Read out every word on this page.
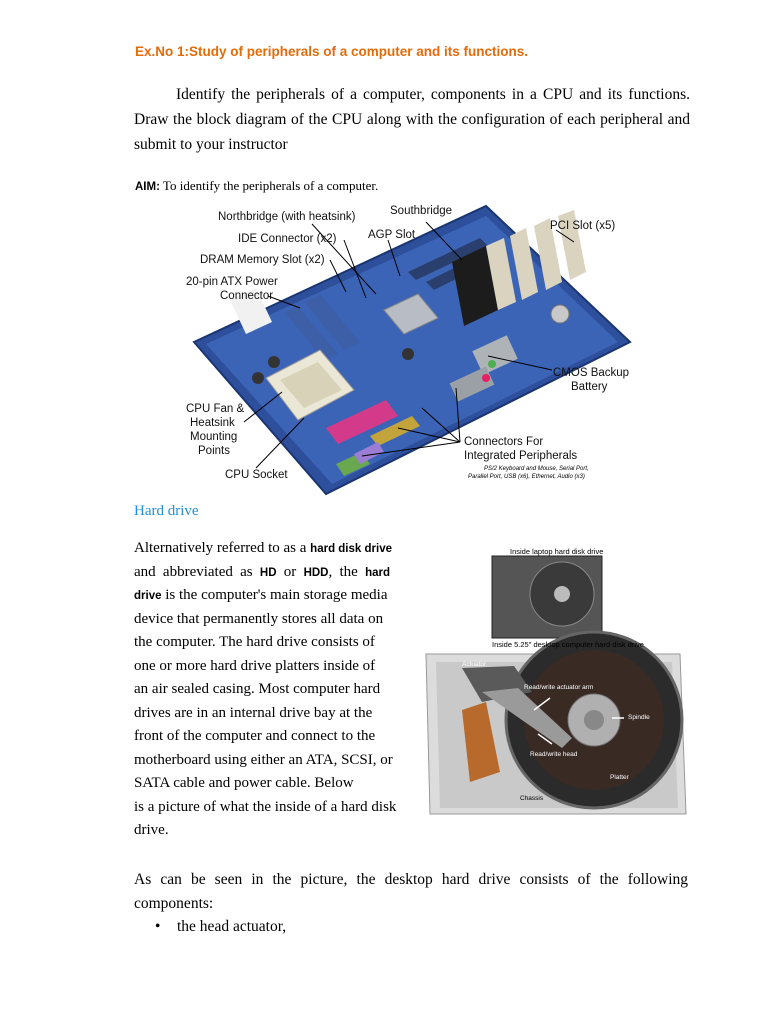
Ex.No 1:Study of peripherals of a computer and its functions.
Identify the peripherals of a computer, components in a CPU and its functions. Draw the block diagram of the CPU along with the configuration of each peripheral and submit to your instructor
AIM: To identify the peripherals of a computer.
Northbridge (with heatsink)	Southbridge
PCI Slot (x5)
IDE Connector (x2)	AGP Slot
DRAM Memory Slot (x2)
20-pin ATX Power
Connector
CMOS Backup
Battery
CPU Fan &
Heatsink
Mounting
Points
Connectors For
Integrated Peripherals
PS/2 Keyboard and Mouse, Serial Port,
Parallel Port, USB (x6), Ethernet, Audio (x3)
CPU Socket
Hard drive
Alternatively referred to as a hard disk drive
and abbreviated as HD or HDD, the hard
drive is the computer's main storage media
device that permanently stores all data on
the computer. The hard drive consists of
one or more hard drive platters inside of
an air sealed casing. Most computer hard
drives are in an internal drive bay at the
front of the computer and connect to the
motherboard using either an ATA, SCSI, or
SATA cable and power cable. Below
is a picture of what the inside of a hard disk
drive.
Inside laptop hard disk drive
Inside 5.25" desktop computer hard disk drive
Actuator
Read/write actuator arm
Spindle
Read/write head
Platter
Chassis
As can be seen in the picture, the desktop hard drive consists of the following components:
• the head actuator,
